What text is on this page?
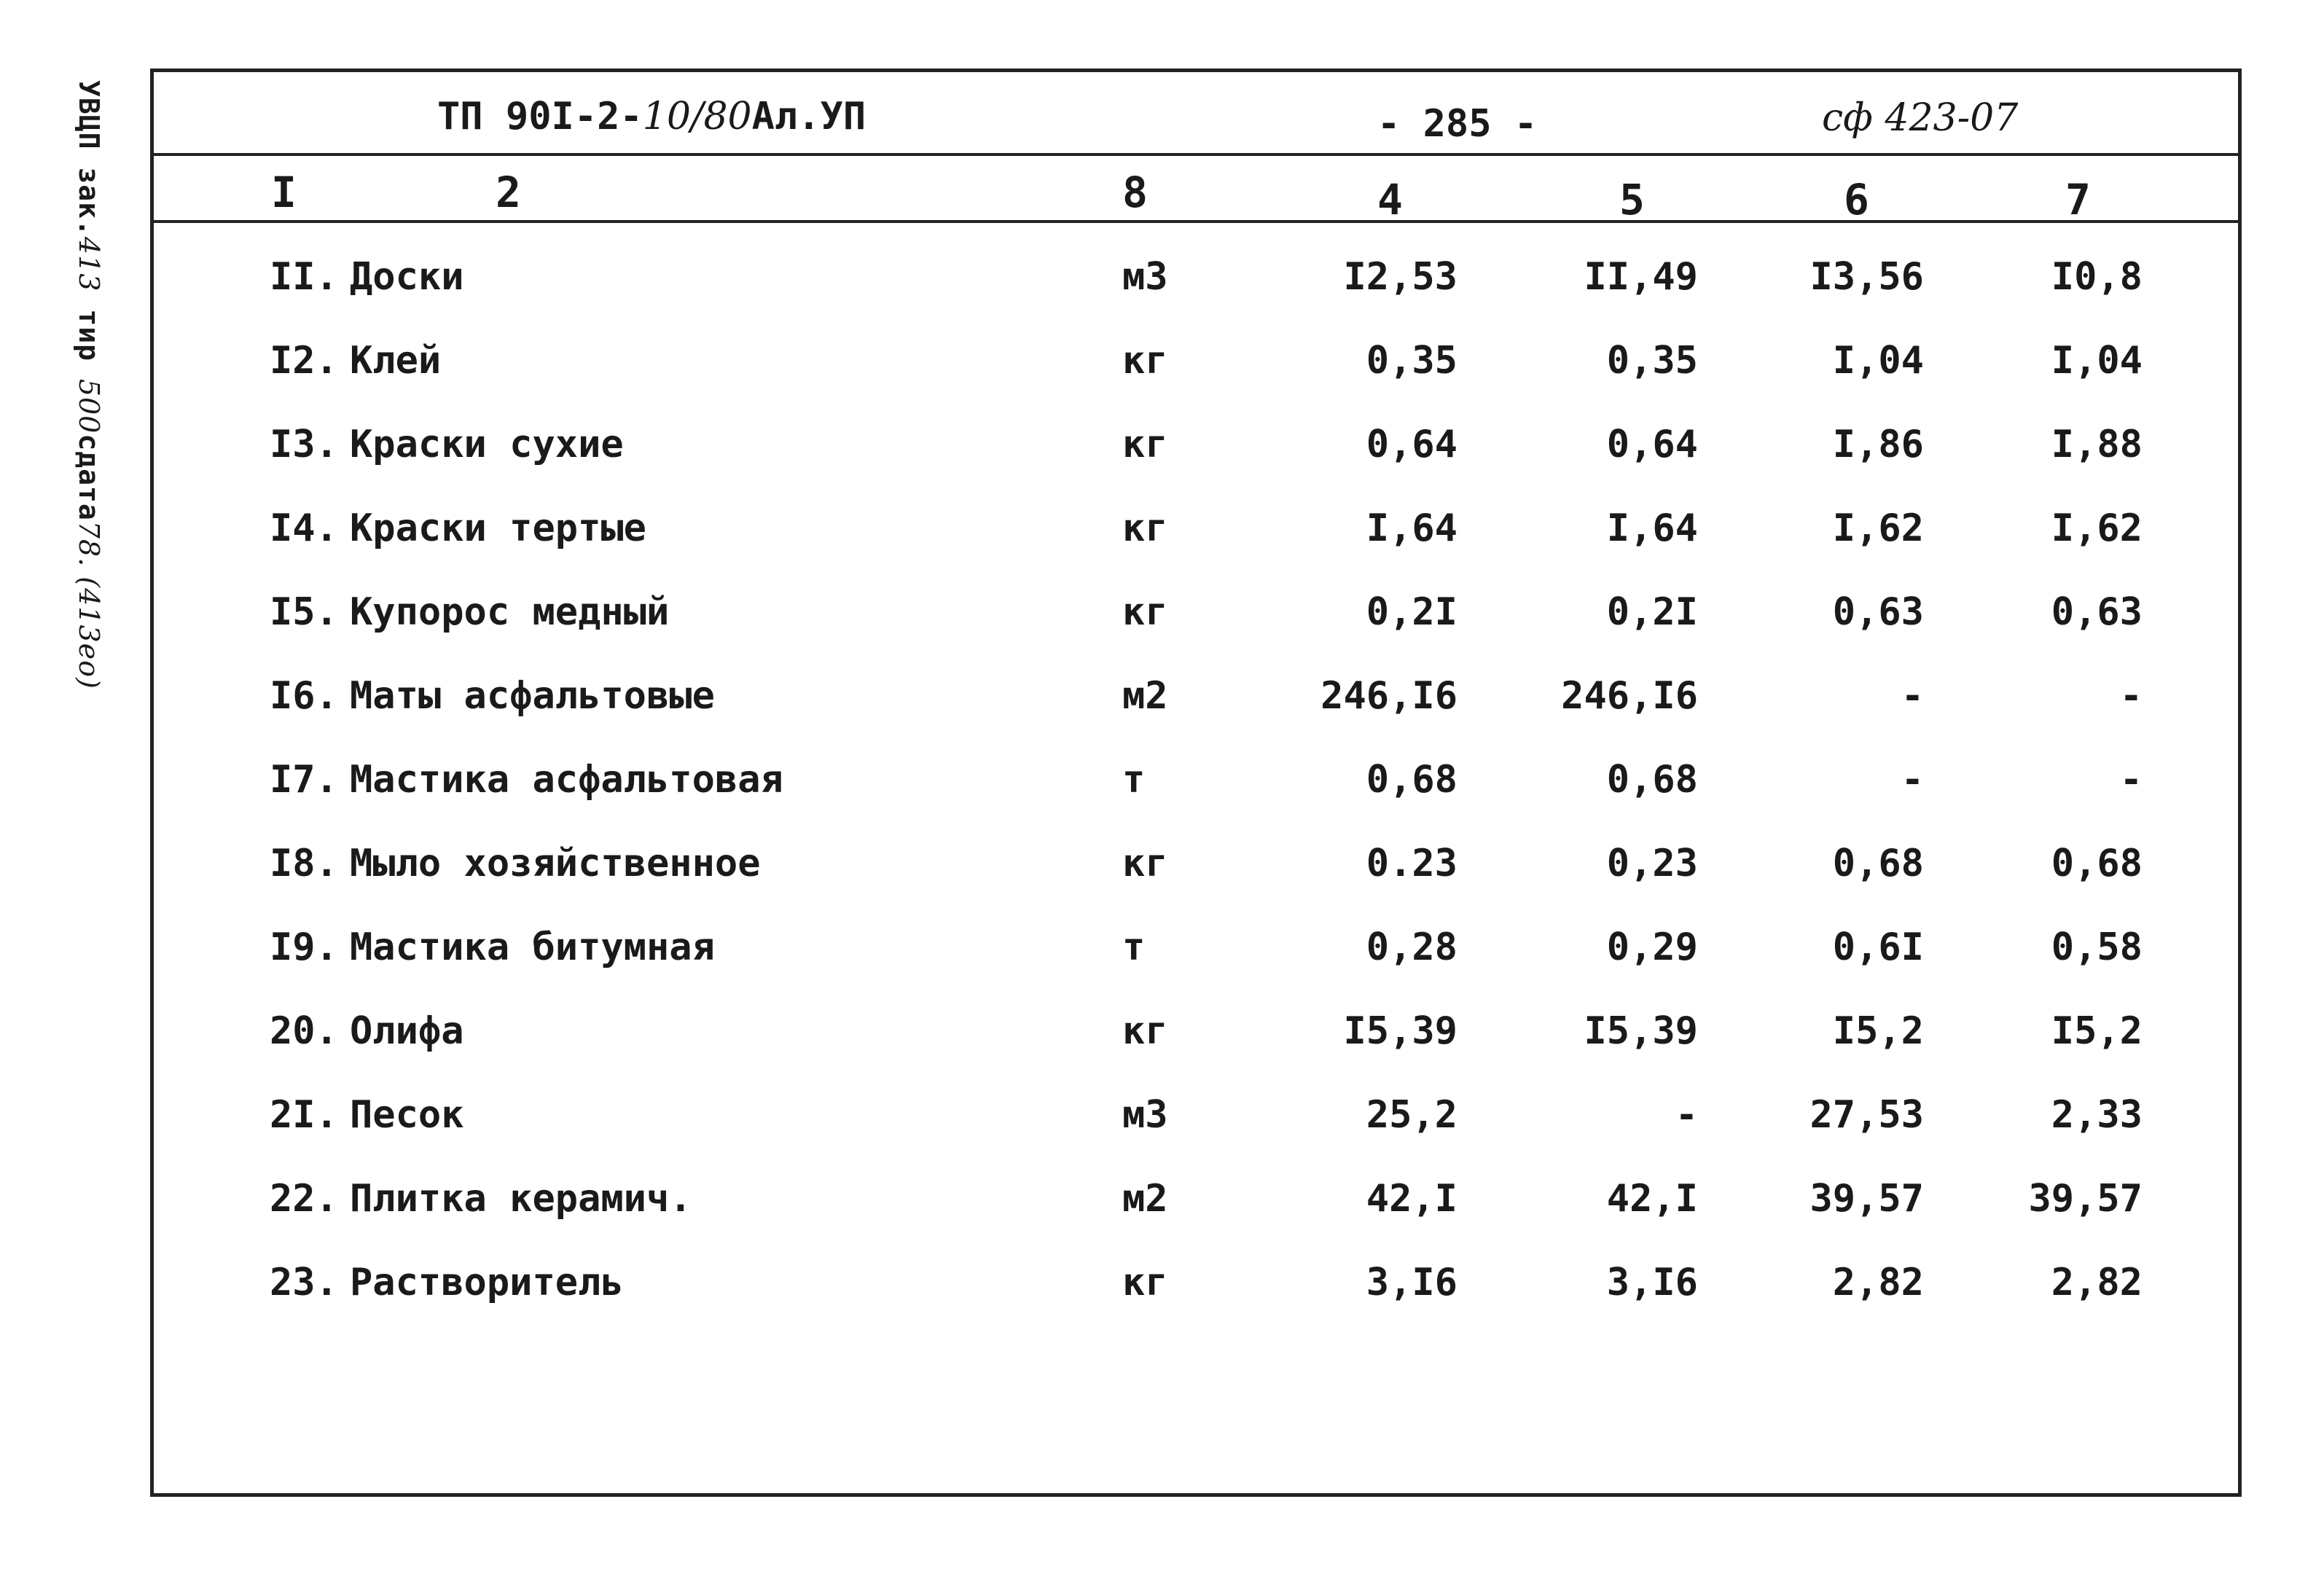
УВЦП зак.413 тир 500сдата78. (413eo)
ТП 90I-2-10/80Ал.УП	- 285 -	сф 423-07
I	2	8	4	5	6	7
II. Доски	м3	I2,53	II,49	I3,56	I0,8
I2. Клей	кг	0,35	0,35	I,04	I,04
I3. Краски сухие	кг	0,64	0,64	I,86	I,88
I4. Краски тертые	кг	I,64	I,64	I,62	I,62
I5. Купорос медный	кг	0,2I	0,2I	0,63	0,63
I6. Маты асфальтовые	м2	246,I6	246,I6	-	-
I7. Мастика асфальтовая	т	0,68	0,68	-	-
I8. Мыло хозяйственное	кг	0.23	0,23	0,68	0,68
I9. Мастика битумная	т	0,28	0,29	0,6I	0,58
20. Олифа	кг	I5,39	I5,39	I5,2	I5,2
2I. Песок	м3	25,2	-	27,53	2,33
22. Плитка керамич.	м2	42,I	42,I	39,57	39,57
23. Растворитель	кг	3,I6	3,I6	2,82	2,82
